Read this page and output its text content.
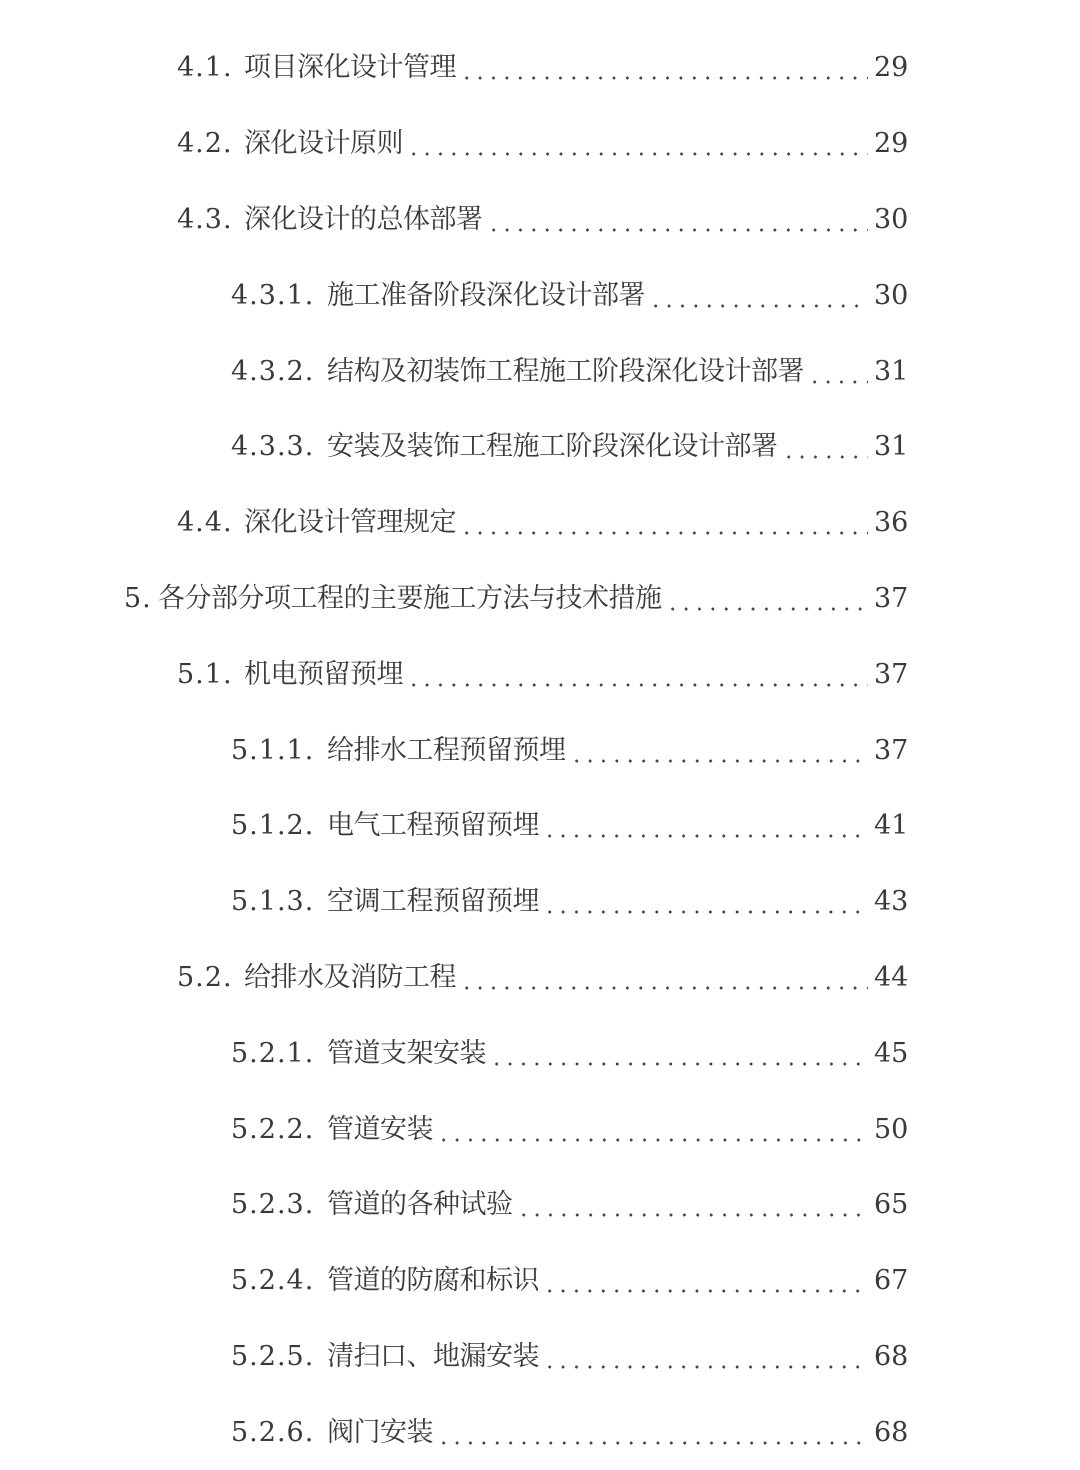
4.1. 项目深化设计管理	29
4.2. 深化设计原则	29
4.3. 深化设计的总体部署	30
4.3.1. 施工准备阶段深化设计部署	30
4.3.2. 结构及初装饰工程施工阶段深化设计部署	31
4.3.3. 安装及装饰工程施工阶段深化设计部署	31
4.4. 深化设计管理规定	36
5. 各分部分项工程的主要施工方法与技术措施	37
5.1. 机电预留预埋	37
5.1.1. 给排水工程预留预埋	37
5.1.2. 电气工程预留预埋	41
5.1.3. 空调工程预留预埋	43
5.2. 给排水及消防工程	44
5.2.1. 管道支架安装	45
5.2.2. 管道安装	50
5.2.3. 管道的各种试验	65
5.2.4. 管道的防腐和标识	67
5.2.5. 清扫口、地漏安装	68
5.2.6. 阀门安装	68
